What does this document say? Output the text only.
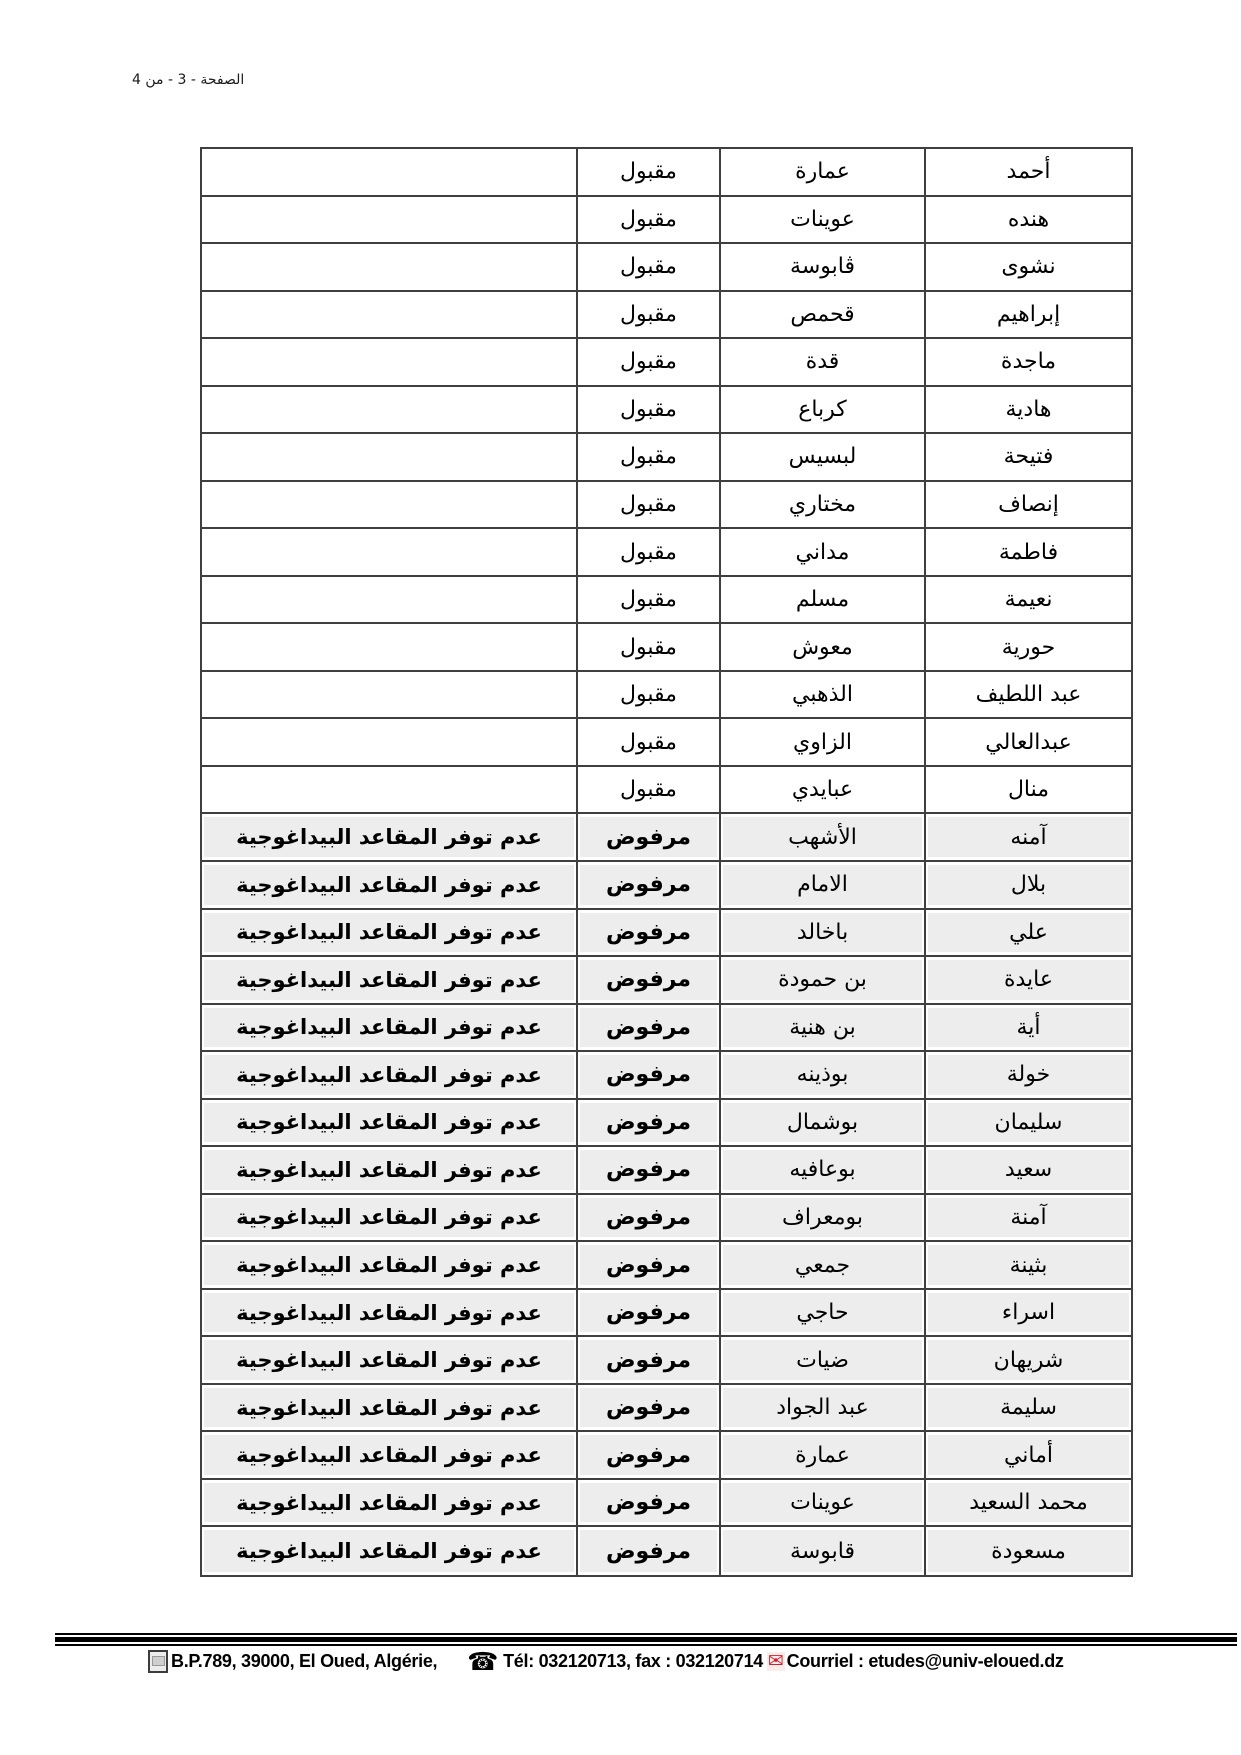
الصفحة - 3 - من 4
مقبول	عمارة	أحمد
مقبول	عوينات	هنده
مقبول	ڤابوسة	نشوى
مقبول	قحمص	إبراهيم
مقبول	قدة	ماجدة
مقبول	كرباع	هادية
مقبول	لبسيس	فتيحة
مقبول	مختاري	إنصاف
مقبول	مداني	فاطمة
مقبول	مسلم	نعيمة
مقبول	معوش	حورية
مقبول	الذهبي	عبد اللطيف
مقبول	الزاوي	عبدالعالي
مقبول	عبايدي	منال
عدم توفر المقاعد البيداغوجية	مرفوض	الأشهب	آمنه
عدم توفر المقاعد البيداغوجية	مرفوض	الامام	بلال
عدم توفر المقاعد البيداغوجية	مرفوض	باخالد	علي
عدم توفر المقاعد البيداغوجية	مرفوض	بن حمودة	عايدة
عدم توفر المقاعد البيداغوجية	مرفوض	بن هنية	أية
عدم توفر المقاعد البيداغوجية	مرفوض	بوذينه	خولة
عدم توفر المقاعد البيداغوجية	مرفوض	بوشمال	سليمان
عدم توفر المقاعد البيداغوجية	مرفوض	بوعافيه	سعيد
عدم توفر المقاعد البيداغوجية	مرفوض	بومعراف	آمنة
عدم توفر المقاعد البيداغوجية	مرفوض	جمعي	بثينة
عدم توفر المقاعد البيداغوجية	مرفوض	حاجي	اسراء
عدم توفر المقاعد البيداغوجية	مرفوض	ضيات	شريهان
عدم توفر المقاعد البيداغوجية	مرفوض	عبد الجواد	سليمة
عدم توفر المقاعد البيداغوجية	مرفوض	عمارة	أماني
عدم توفر المقاعد البيداغوجية	مرفوض	عوينات	محمد السعيد
عدم توفر المقاعد البيداغوجية	مرفوض	قابوسة	مسعودة
B.P.789, 39000, El Oued, Algérie, ☎ Tél: 032120713, fax : 032120714 ✉ Courriel : etudes@univ-eloued.dz
